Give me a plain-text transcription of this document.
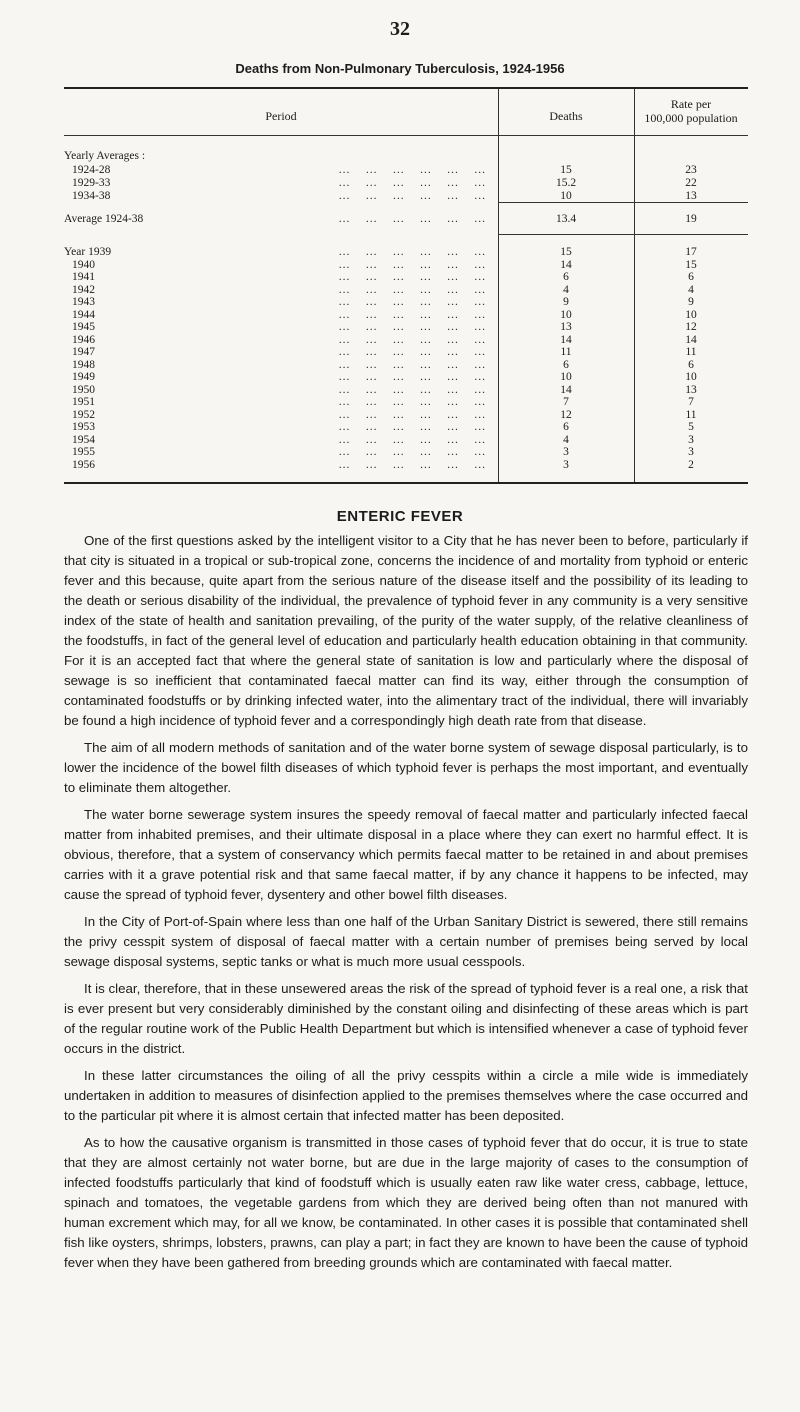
32
Deaths from Non-Pulmonary Tuberculosis, 1924-1956
Period	Deaths
Rate per
100,000 population
Yearly Averages :
1924-28	...    ...    ...    ...    ...    ...	15	23
1929-33	...    ...    ...    ...    ...    ...	15.2	22
1934-38	...    ...    ...    ...    ...    ...	10	13
Average 1924-38	...    ...    ...    ...    ...    ...	13.4	19
Year 1939	...    ...    ...    ...    ...    ...	15	17
1940	...    ...    ...    ...    ...    ...	14	15
1941	...    ...    ...    ...    ...    ...	6	6
1942	...    ...    ...    ...    ...    ...	4	4
1943	...    ...    ...    ...    ...    ...	9	9
1944	...    ...    ...    ...    ...    ...	10	10
1945	...    ...    ...    ...    ...    ...	13	12
1946	...    ...    ...    ...    ...    ...	14	14
1947	...    ...    ...    ...    ...    ...	11	11
1948	...    ...    ...    ...    ...    ...	6	6
1949	...    ...    ...    ...    ...    ...	10	10
1950	...    ...    ...    ...    ...    ...	14	13
1951	...    ...    ...    ...    ...    ...	7	7
1952	...    ...    ...    ...    ...    ...	12	11
1953	...    ...    ...    ...    ...    ...	6	5
1954	...    ...    ...    ...    ...    ...	4	3
1955	...    ...    ...    ...    ...    ...	3	3
1956	...    ...    ...    ...    ...    ...	3	2
ENTERIC FEVER

One of the first questions asked by the intelligent visitor to a City that he has never been to before, particularly if that city is situated in a tropical or sub-tropical zone, concerns the incidence of and mortality from typhoid or enteric fever and this because, quite apart from the serious nature of the disease itself and the possibility of its leading to the death or serious disability of the individual, the prevalence of typhoid fever in any community is a very sensitive index of the state of health and sanitation prevailing, of the purity of the water supply, of the relative cleanliness of the foodstuffs, in fact of the general level of education and particularly health education obtaining in that community. For it is an accepted fact that where the general state of sanitation is low and particularly where the disposal of sewage is so inefficient that contaminated faecal matter can find its way, either through the consumption of contaminated foodstuffs or by drinking infected water, into the alimentary tract of the individual, there will invariably be found a high incidence of typhoid fever and a correspondingly high death rate from that disease.

The aim of all modern methods of sanitation and of the water borne system of sewage disposal particularly, is to lower the incidence of the bowel filth diseases of which typhoid fever is perhaps the most important, and eventually to eliminate them altogether.

The water borne sewerage system insures the speedy removal of faecal matter and particularly infected faecal matter from inhabited premises, and their ultimate disposal in a place where they can exert no harmful effect. It is obvious, therefore, that a system of conservancy which permits faecal matter to be retained in and about premises carries with it a grave potential risk and that same faecal matter, if by any chance it happens to be infected, may cause the spread of typhoid fever, dysentery and other bowel filth diseases.

In the City of Port-of-Spain where less than one half of the Urban Sanitary District is sewered, there still remains the privy cesspit system of disposal of faecal matter with a certain number of premises being served by local sewage disposal systems, septic tanks or what is much more usual cesspools.

It is clear, therefore, that in these unsewered areas the risk of the spread of typhoid fever is a real one, a risk that is ever present but very considerably diminished by the constant oiling and disinfecting of these areas which is part of the regular routine work of the Public Health Department but which is intensified whenever a case of typhoid fever occurs in the district.

In these latter circumstances the oiling of all the privy cesspits within a circle a mile wide is immediately undertaken in addition to measures of disinfection applied to the premises themselves where the case occurred and to the particular pit where it is almost certain that infected matter has been deposited.

As to how the causative organism is transmitted in those cases of typhoid fever that do occur, it is true to state that they are almost certainly not water borne, but are due in the large majority of cases to the consumption of infected foodstuffs particularly that kind of foodstuff which is usually eaten raw like water cress, cabbage, lettuce, spinach and tomatoes, the vegetable gardens from which they are derived being often than not manured with human excrement which may, for all we know, be contaminated. In other cases it is possible that contaminated shell fish like oysters, shrimps, lobsters, prawns, can play a part; in fact they are known to have been the cause of typhoid fever when they have been gathered from breeding grounds which are contaminated with faecal matter.
